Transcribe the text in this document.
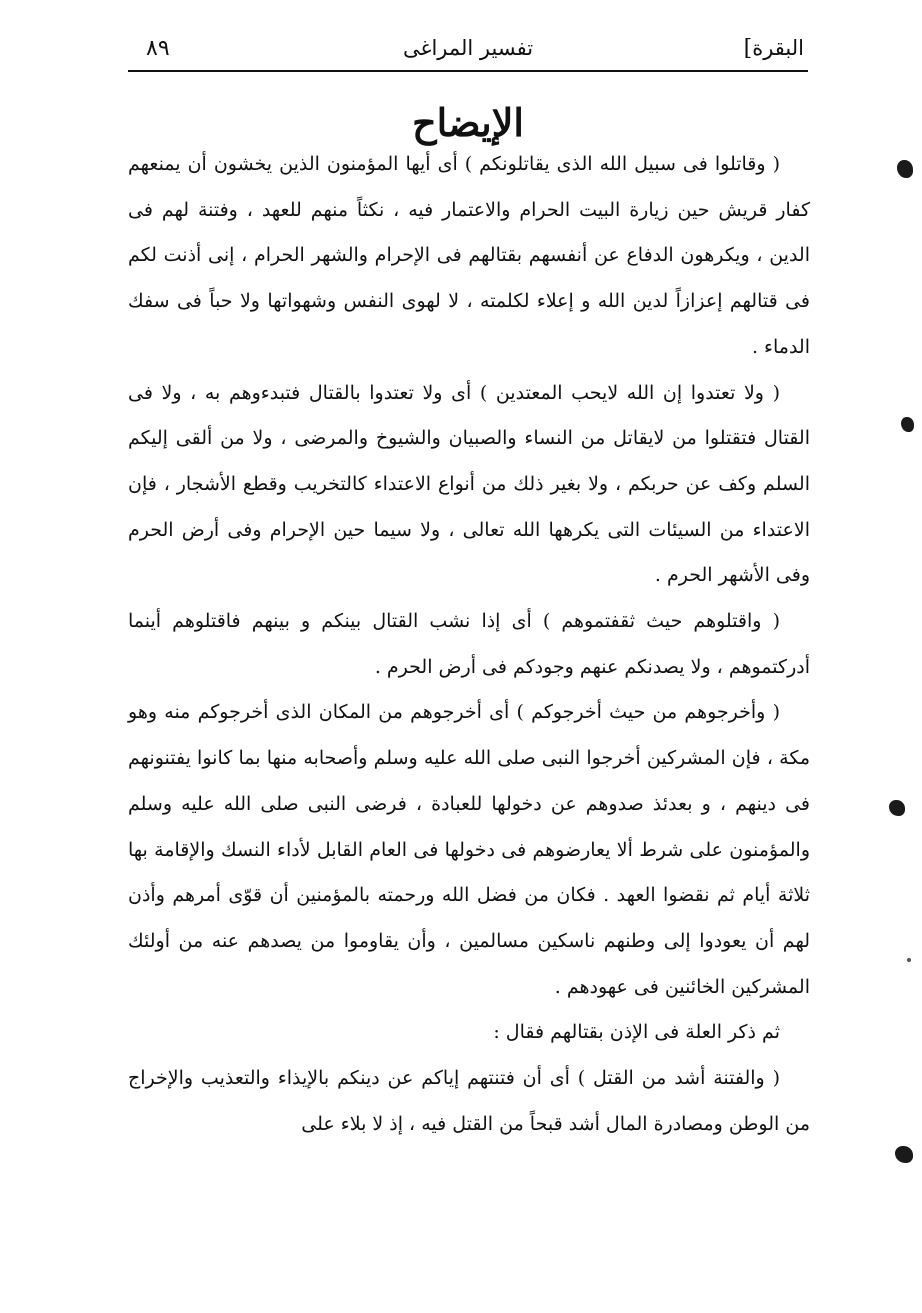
البقرة]
تفسير المراغى
٨٩
الإيضاح

( وقاتلوا فى سبيل الله الذى يقاتلونكم ) أى أيها المؤمنون الذين يخشون أن يمنعهم كفار قريش حين زيارة البيت الحرام والاعتمار فيه ، نكثاً منهم للعهد ، وفتنة لهم فى الدين ، ويكرهون الدفاع عن أنفسهم بقتالهم فى الإحرام والشهر الحرام ، إنى أذنت لكم فى قتالهم إعزازاً لدين الله و إعلاء لكلمته ، لا لهوى النفس وشهواتها ولا حباً فى سفك الدماء .

( ولا تعتدوا إن الله لايحب المعتدين ) أى ولا تعتدوا بالقتال فتبدءوهم به ، ولا فى القتال فتقتلوا من لايقاتل من النساء والصبيان والشيوخ والمرضى ، ولا من ألقى إليكم السلم وكف عن حربكم ، ولا بغير ذلك من أنواع الاعتداء كالتخريب وقطع الأشجار ، فإن الاعتداء من السيئات التى يكرهها الله تعالى ، ولا سيما حين الإحرام وفى أرض الحرم وفى الأشهر الحرم .

( واقتلوهم حيث ثقفتموهم ) أى إذا نشب القتال بينكم و بينهم فاقتلوهم أينما أدركتموهم ، ولا يصدنكم عنهم وجودكم فى أرض الحرم .

( وأخرجوهم من حيث أخرجوكم ) أى أخرجوهم من المكان الذى أخرجوكم منه وهو مكة ، فإن المشركين أخرجوا النبى صلى الله عليه وسلم وأصحابه منها بما كانوا يفتنونهم فى دينهم ، و بعدئذ صدوهم عن دخولها للعبادة ، فرضى النبى صلى الله عليه وسلم والمؤمنون على شرط ألا يعارضوهم فى دخولها فى العام القابل لأداء النسك والإقامة بها ثلاثة أيام ثم نقضوا العهد . فكان من فضل الله ورحمته بالمؤمنين أن قوّى أمرهم وأذن لهم أن يعودوا إلى وطنهم ناسكين مسالمين ، وأن يقاوموا من يصدهم عنه من أولئك المشركين الخائنين فى عهودهم .

ثم ذكر العلة فى الإذن بقتالهم فقال :

( والفتنة أشد من القتل ) أى أن فتنتهم إياكم عن دينكم بالإيذاء والتعذيب والإخراج من الوطن ومصادرة المال أشد قبحاً من القتل فيه ، إذ لا بلاء على
